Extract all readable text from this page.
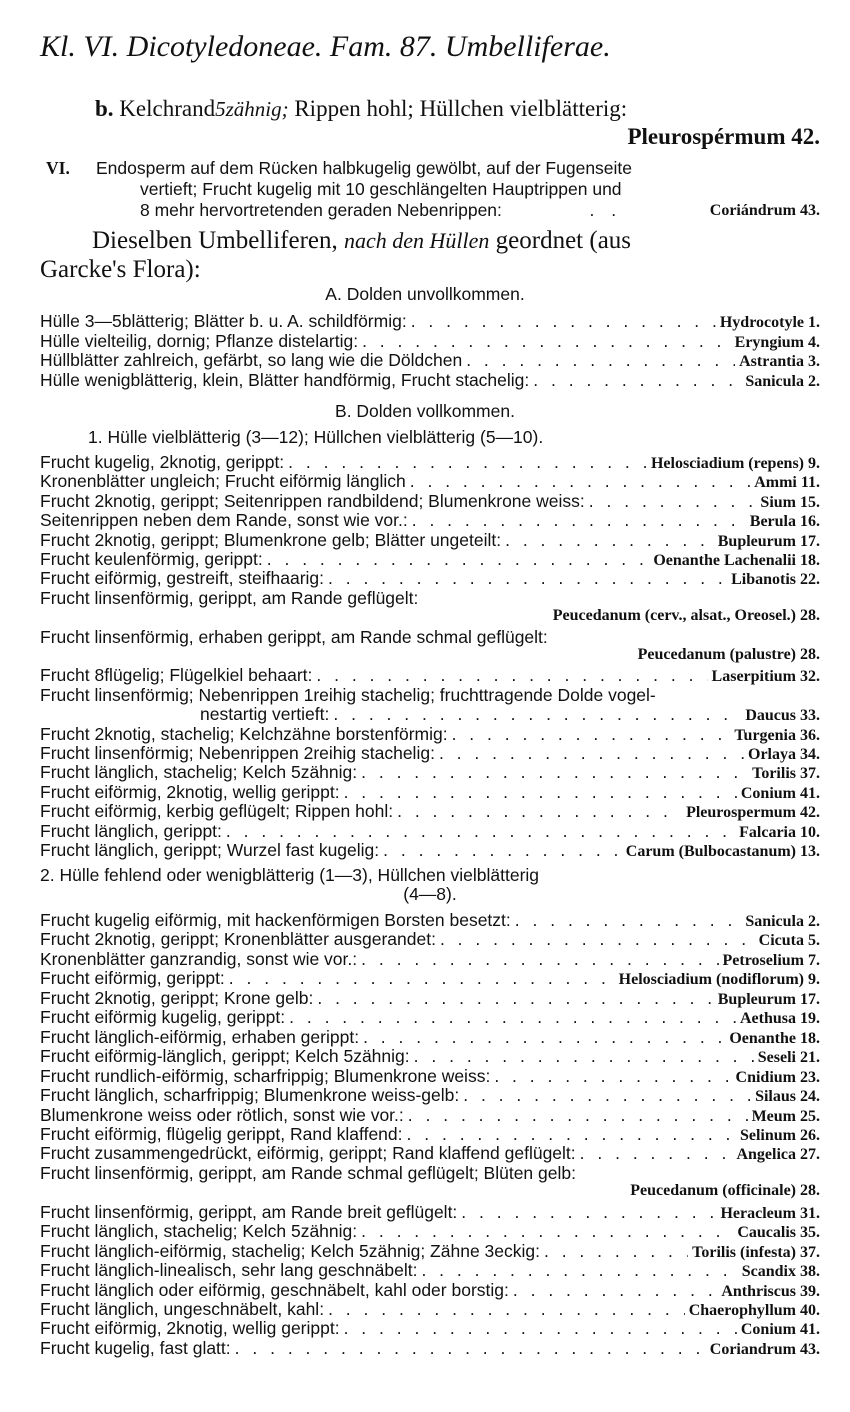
Kl. VI. Dicotyledoneae. Fam. 87. Umbelliferae.
b. Kelchrand5zähnig; Rippen hohl; Hüllchen vielblätterig:
Pleurospérmum 42.
VI. Endosperm auf dem Rücken halbkugelig gewölbt, auf der Fugenseite
vertieft; Frucht kugelig mit 10 geschlängelten Hauptrippen und
8 mehr hervortretenden geraden Nebenrippen:	. .	Coriándrum 43.
Dieselben Umbelliferen, nach den Hüllen geordnet (aus
Garcke's Flora):
A. Dolden unvollkommen.
Hülle 3—5blätterig; Blätter b. u. A. schildförmig: . . .	Hydrocotyle 1.
Hülle vielteilig, dornig; Pflanze distelartig: . . .	Eryngium 4.
Hüllblätter zahlreich, gefärbt, so lang wie die Döldchen . . .	Astrantia 3.
Hülle wenigblätterig, klein, Blätter handförmig, Frucht stachelig: . . .	Sanicula 2.
B. Dolden vollkommen.
1. Hülle vielblätterig (3—12); Hüllchen vielblätterig (5—10).
Frucht kugelig, 2knotig, gerippt: . . .	Helosciadium (repens) 9.
Kronenblätter ungleich; Frucht eiförmig länglich . . .	Ammi 11.
Frucht 2knotig, gerippt; Seitenrippen randbildend; Blumenkrone weiss: . . .	Sium 15.
Seitenrippen neben dem Rande, sonst wie vor.: . . .	Berula 16.
Frucht 2knotig, gerippt; Blumenkrone gelb; Blätter ungeteilt: . . .	Bupleurum 17.
Frucht keulenförmig, gerippt: . . .	Oenanthe Lachenalii 18.
Frucht eiförmig, gestreift, steifhaarig: . . .	Libanotis 22.
Frucht linsenförmig, gerippt, am Rande geflügelt:
Peucedanum (cerv., alsat., Oreosel.) 28.
Frucht linsenförmig, erhaben gerippt, am Rande schmal geflügelt:
Peucedanum (palustre) 28.
Frucht 8flügelig; Flügelkiel behaart: . . .	Laserpitium 32.
Frucht linsenförmig; Nebenrippen 1reihig stachelig; fruchttragende Dolde vogel-
nestartig vertieft: . . .	Daucus 33.
Frucht 2knotig, stachelig; Kelchzähne borstenförmig: . . .	Turgenia 36.
Frucht linsenförmig; Nebenrippen 2reihig stachelig: . . .	Orlaya 34.
Frucht länglich, stachelig; Kelch 5zähnig: . . .	Torilis 37.
Frucht eiförmig, 2knotig, wellig gerippt: . . .	Conium 41.
Frucht eiförmig, kerbig geflügelt; Rippen hohl: . . .	Pleurospermum 42.
Frucht länglich, gerippt: . . .	Falcaria 10.
Frucht länglich, gerippt; Wurzel fast kugelig: . . .	Carum (Bulbocastanum) 13.
2. Hülle fehlend oder wenigblätterig (1—3), Hüllchen vielblätterig
(4—8).
Frucht kugelig eiförmig, mit hackenförmigen Borsten besetzt: . . .	Sanicula 2.
Frucht 2knotig, gerippt; Kronenblätter ausgerandet: . . .	Cicuta 5.
Kronenblätter ganzrandig, sonst wie vor.: . . .	Petroselium 7.
Frucht eiförmig, gerippt: . . .	Helosciadium (nodiflorum) 9.
Frucht 2knotig, gerippt; Krone gelb: . . .	Bupleurum 17.
Frucht eiförmig kugelig, gerippt: . . .	Aethusa 19.
Frucht länglich-eiförmig, erhaben gerippt: . . .	Oenanthe 18.
Frucht eiförmig-länglich, gerippt; Kelch 5zähnig: . . .	Seseli 21.
Frucht rundlich-eiförmig, scharfrippig; Blumenkrone weiss: . . .	Cnidium 23.
Frucht länglich, scharfrippig; Blumenkrone weiss-gelb: . . .	Silaus 24.
Blumenkrone weiss oder rötlich, sonst wie vor.: . . .	Meum 25.
Frucht eiförmig, flügelig gerippt, Rand klaffend: . . .	Selinum 26.
Frucht zusammengedrückt, eiförmig, gerippt; Rand klaffend geflügelt: . . .	Angelica 27.
Frucht linsenförmig, gerippt, am Rande schmal geflügelt; Blüten gelb:
Peucedanum (officinale) 28.
Frucht linsenförmig, gerippt, am Rande breit geflügelt: . . .	Heracleum 31.
Frucht länglich, stachelig; Kelch 5zähnig: . . .	Caucalis 35.
Frucht länglich-eiförmig, stachelig; Kelch 5zähnig; Zähne 3eckig: . . .	Torilis (infesta) 37.
Frucht länglich-linealisch, sehr lang geschnäbelt: . . .	Scandix 38.
Frucht länglich oder eiförmig, geschnäbelt, kahl oder borstig: . . .	Anthriscus 39.
Frucht länglich, ungeschnäbelt, kahl: . . .	Chaerophyllum 40.
Frucht eiförmig, 2knotig, wellig gerippt: . . .	Conium 41.
Frucht kugelig, fast glatt: . . .	Coriandrum 43.
